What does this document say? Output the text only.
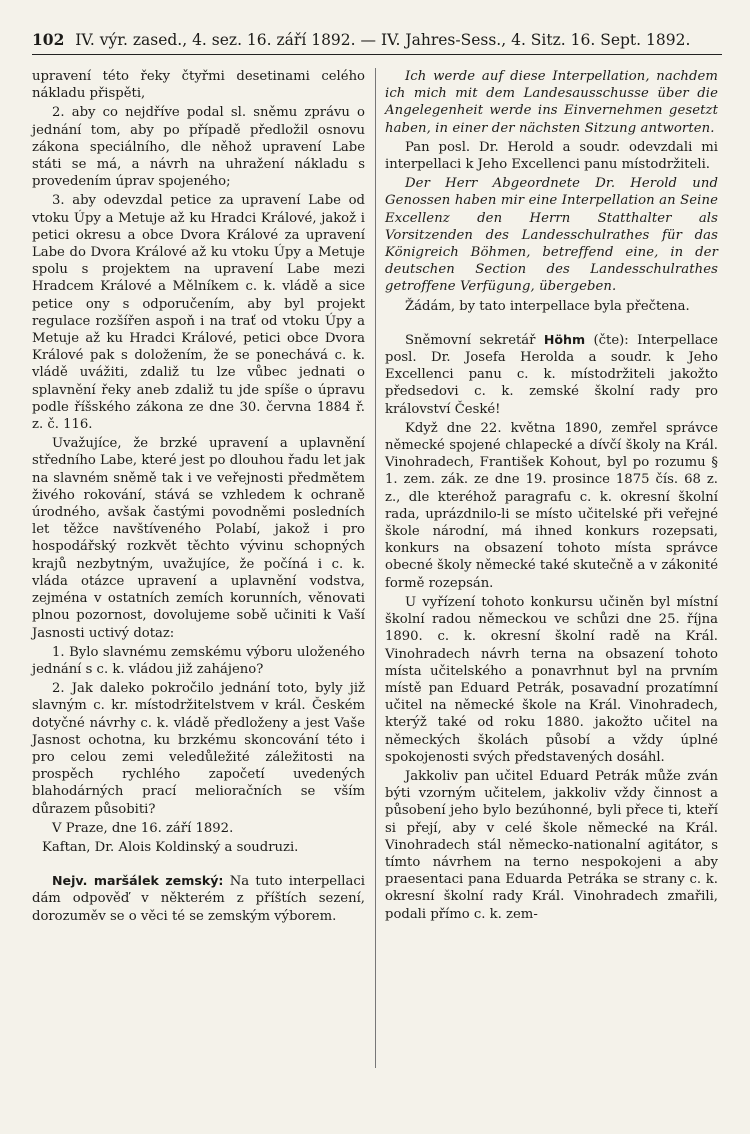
102 IV. výr. zased., 4. sez. 16. září 1892. — IV. Jahres-Sess., 4. Sitz. 16. Sept. 1892.

upravení této řeky čtyřmi desetinami celého nákladu přispěti,

2. aby co nejdříve podal sl. sněmu zprávu o jednání tom, aby po případě předložil osnovu zákona speciálního, dle něhož upravení Labe státi se má, a návrh na uhražení nákladu s provedením úprav spojeného;

3. aby odevzdal petice za upravení Labe od vtoku Úpy a Metuje až ku Hradci Králové, jakož i petici okresu a obce Dvora Králové za upravení Labe do Dvora Králové až ku vtoku Úpy a Metuje spolu s projektem na upravení Labe mezi Hradcem Králové a Mělníkem c. k. vládě a sice petice ony s odporučením, aby byl projekt regulace rozšířen aspoň i na trať od vtoku Úpy a Metuje až ku Hradci Králové, petici obce Dvora Králové pak s doložením, že se ponechává c. k. vládě uvážiti, zdaliž tu lze vůbec jednati o splavnění řeky aneb zdaliž tu jde spíše o úpravu podle říšského zákona ze dne 30. června 1884 ř. z. č. 116.

Uvažujíce, že brzké upravení a uplavnění středního Labe, které jest po dlouhou řadu let jak na slavném sněmě tak i ve veřejnosti předmětem živého rokování, stává se vzhledem k ochraně úrodného, avšak častými povodněmi posledních let těžce navštíveného Polabí, jakož i pro hospodářský rozkvět těchto vývinu schopných krajů nezbytným, uvažujíce, že počíná i c. k. vláda otázce upravení a uplavnění vodstva, zejména v ostatních zemích korunních, věnovati plnou pozornost, dovolujeme sobě učiniti k Vaší Jasnosti uctivý dotaz:

1. Bylo slavnému zemskému výboru uloženého jednání s c. k. vládou již zahájeno?

2. Jak daleko pokročilo jednání toto, byly již slavným c. kr. místodržitelstvem v král. Českém dotyčné návrhy c. k. vládě předloženy a jest Vaše Jasnost ochotna, ku brzkému skoncování této i pro celou zemi veledůležité záležitosti na prospěch rychlého započetí uvedených blahodárných prací melioračních se vším důrazem působiti?

V Praze, dne 16. září 1892.

Kaftan, Dr. Alois Koldinský a soudruzi.

Nejv. maršálek zemský: Na tuto interpellaci dám odpověď v některém z příštích sezení, dorozuměv se o věci té se zemským výborem.

Ich werde auf diese Interpellation, nachdem ich mich mit dem Landesausschusse über die Angelegenheit werde ins Einvernehmen gesetzt haben, in einer der nächsten Sitzung antworten.

Pan posl. Dr. Herold a soudr. odevzdali mi interpellaci k Jeho Excellenci panu místodržiteli.

Der Herr Abgeordnete Dr. Herold und Genossen haben mir eine Interpellation an Seine Excellenz den Herrn Statthalter als Vorsitzenden des Landesschulrathes für das Königreich Böhmen, betreffend eine, in der deutschen Section des Landesschulrathes getroffene Verfügung, übergeben.

Žádám, by tato interpellace byla přečtena.

Sněmovní sekretář Höhm (čte): Interpellace posl. Dr. Josefa Herolda a soudr. k Jeho Excellenci panu c. k. místodržiteli jakožto předsedovi c. k. zemské školní rady pro království České!

Když dne 22. května 1890, zemřel správce německé spojené chlapecké a dívčí školy na Král. Vinohradech, František Kohout, byl po rozumu § 1. zem. zák. ze dne 19. prosince 1875 čís. 68 z. z., dle kteréhož paragrafu c. k. okresní školní rada, uprázdnilo-li se místo učitelské při veřejné škole národní, má ihned konkurs rozepsati, konkurs na obsazení tohoto místa správce obecné školy německé také skutečně a v zákonité formě rozepsán.

U vyřízení tohoto konkursu učiněn byl místní školní radou německou ve schůzi dne 25. října 1890. c. k. okresní školní radě na Král. Vinohradech návrh terna na obsazení tohoto místa učitelského a ponavrhnut byl na prvním místě pan Eduard Petrák, posavadní prozatímní učitel na německé škole na Král. Vinohradech, kterýž také od roku 1880. jakožto učitel na německých školách působí a vždy úplné spokojenosti svých představených dosáhl.

Jakkoliv pan učitel Eduard Petrák může zván býti vzorným učitelem, jakkoliv vždy činnost a působení jeho bylo bezúhonné, byli přece ti, kteří si přejí, aby v celé škole německé na Král. Vinohradech stál německo-nationalní agitátor, s tímto návrhem na terno nespokojeni a aby praesentaci pana Eduarda Petráka se strany c. k. okresní školní rady Král. Vinohradech zmařili, podali přímo c. k. zem-
